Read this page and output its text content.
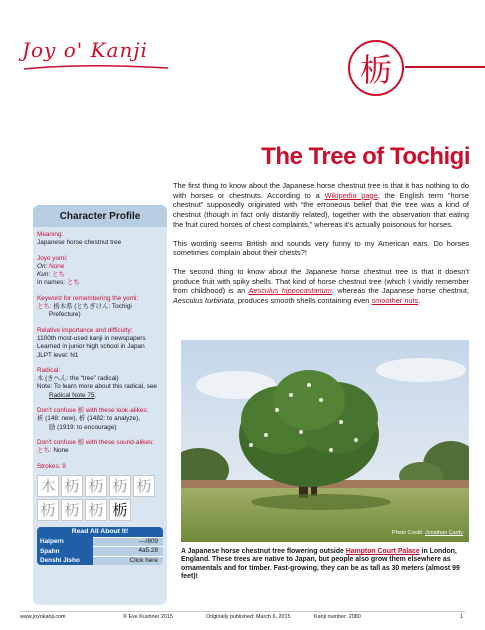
Joy o' Kanji
栃
The Tree of Tochigi
Character Profile
Meaning:
Japanese horse chestnut tree
Joyo yomi:
On: None
Kun: とち
In names: とち
Keyword for remembering the yomi:
とち: 栃木県 (とちぎけん: Tochigi
Prefecture)
Relative importance and difficulty:
1100th most-used kanji in newspapers
Learned in junior high school in Japan
JLPT level: N1
Radical:
木 (きへん: the “tree” radical)
Note: To learn more about this radical, see
Radical Note 75.
Don't confuse 栃 with these look-alikes:
析 (148: new), 析 (1482: to analyze),
励 (1919: to encourage)
Don't confuse 栃 with these sound-alikes:
とち: None
Strokes: 9
木 杤 杤 杤 杤
杤 杤 杤 栃
Read All About It!
Halpern	—/809
Spahn	4a5.28
Denshi Jisho	Click here

The first thing to know about the Japanese horse chestnut tree is that it has nothing to do with horses or chestnuts. According to a Wikipedia page, the English term “horse chestnut” supposedly originated with “the erroneous belief that the tree was a kind of chestnut (though in fact only distantly related), together with the observation that eating the fruit cured horses of chest complaints,” whereas it’s actually poisonous for horses.

This wording seems British and sounds very funny to my American ears. Do horses sometimes complain about their chests?!

The second thing to know about the Japanese horse chestnut tree is that it doesn’t produce fruit with spiky shells. That kind of horse chestnut tree (which I vividly remember from childhood) is an Aesculus hippocastanum, whereas the Japanese horse chestnut, Aesculus turbinata, produces smooth shells containing even smoother nuts.

Photo Credit: Jonathan Cardy
A Japanese horse chestnut tree flowering outside Hampton Court Palace in London, England. These trees are native to Japan, but people also grow them elsewhere as ornamentals and for timber. Fast-growing, they can be as tall as 30 meters (almost 99 feet)!
www.joyokanji.com	© Eve Kushner 2015	Originally published: March 6, 2015	Kanji number: 2080	1
